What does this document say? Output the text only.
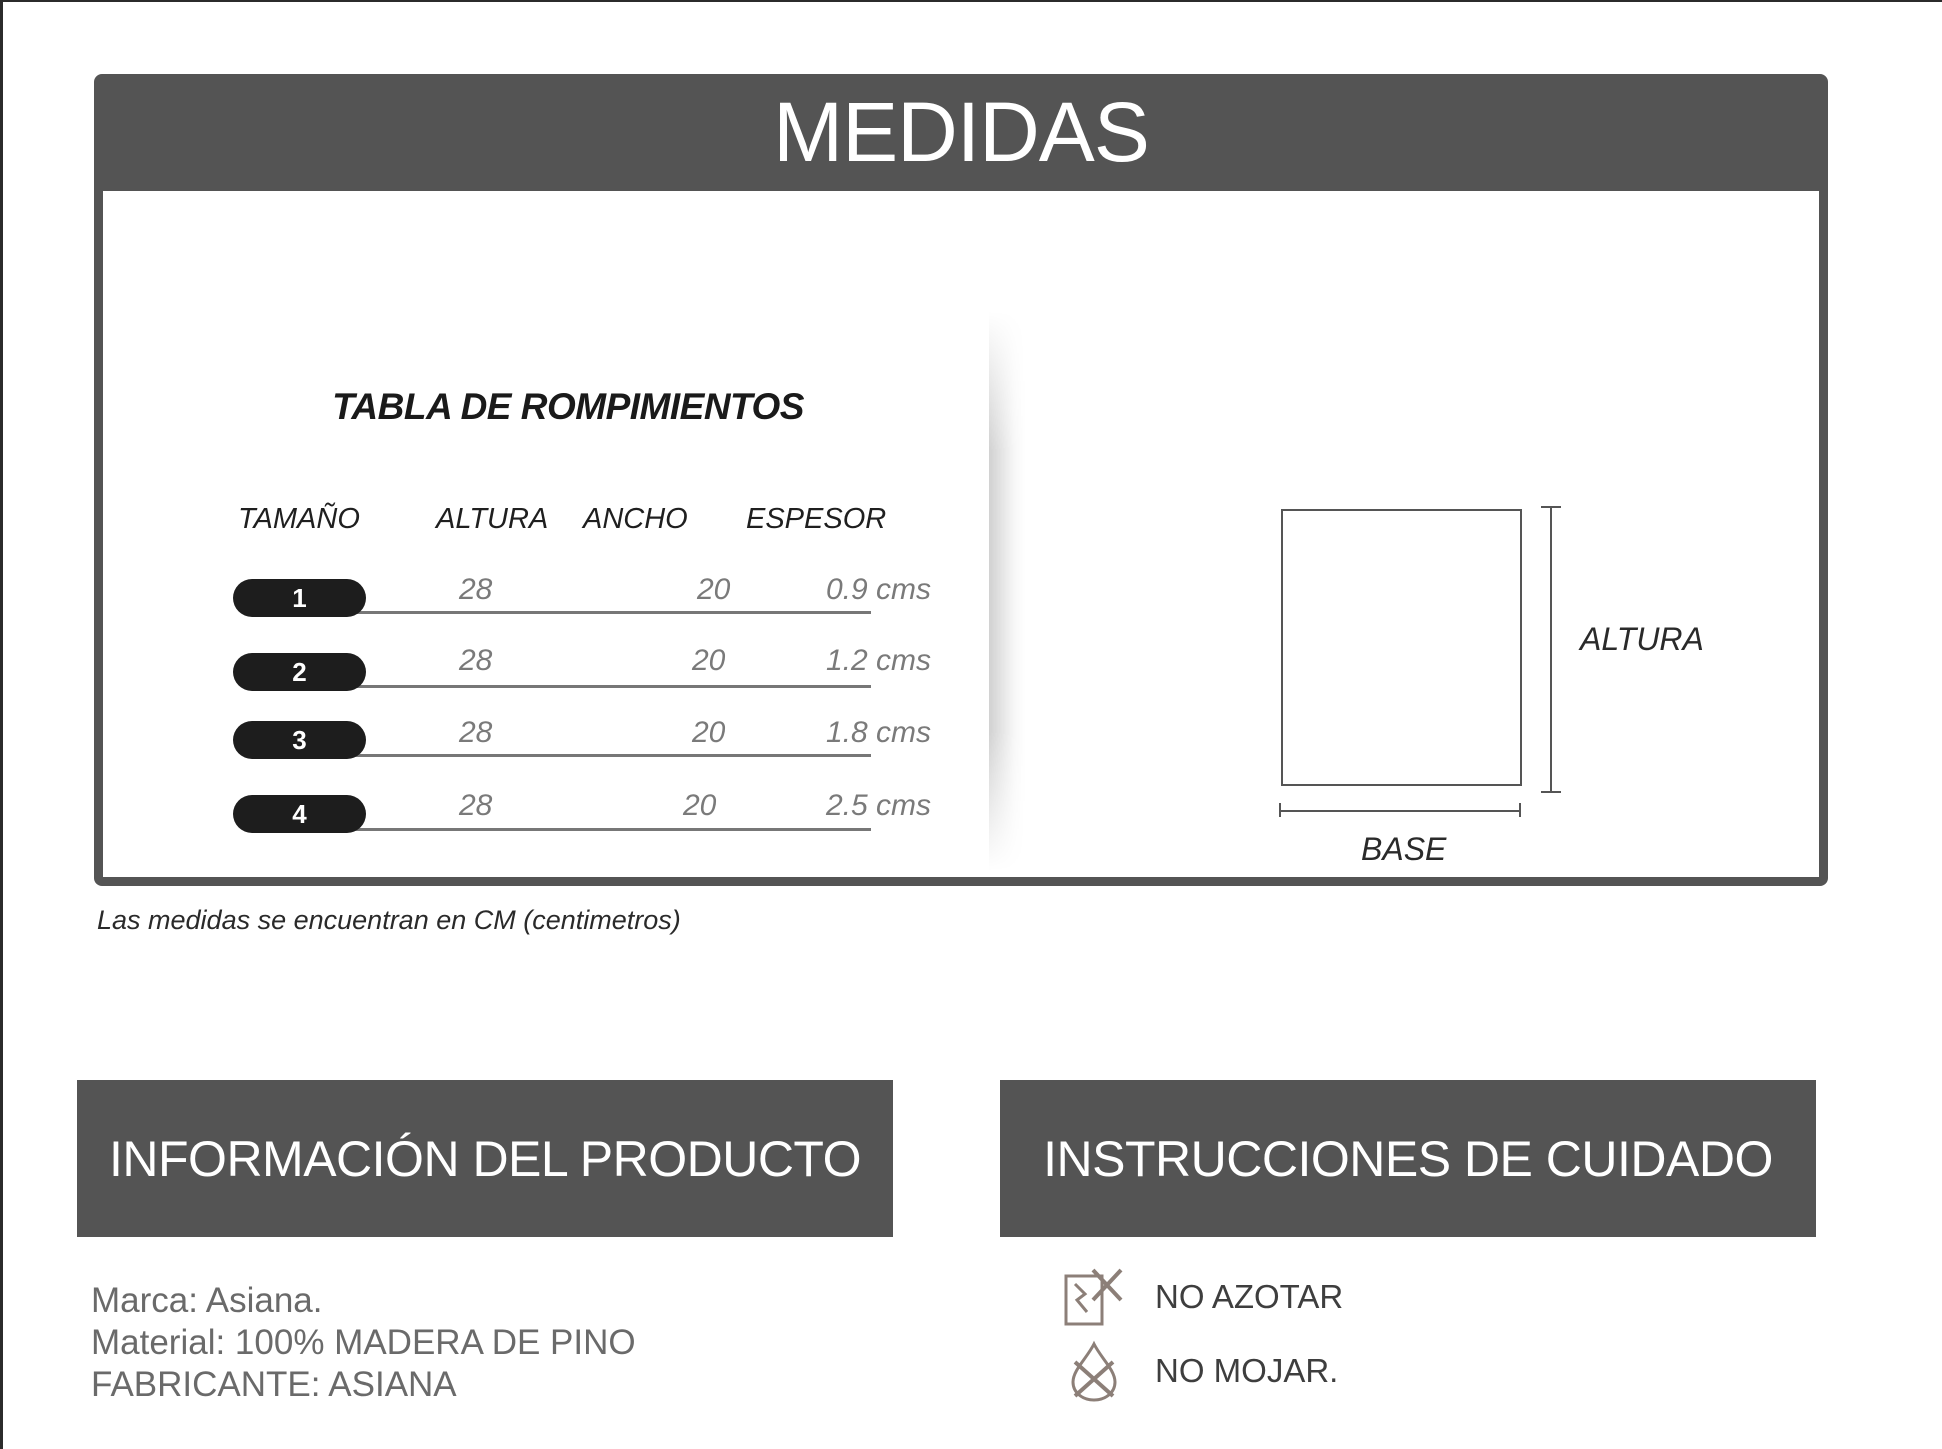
MEDIDAS
TABLA DE ROMPIMIENTOS
TAMAÑO	ALTURA ANCHO ESPESOR
1	28	20	0.9 cms
2	28	20	1.2 cms
3	28	20	1.8 cms
4	28	20	2.5 cms
ALTURA
BASE
Las medidas se encuentran en CM (centimetros)
INFORMACIÓN DEL PRODUCTO
Marca: Asiana.
Material: 100% MADERA DE PINO
FABRICANTE: ASIANA
INSTRUCCIONES DE CUIDADO
NO AZOTAR
NO MOJAR.
